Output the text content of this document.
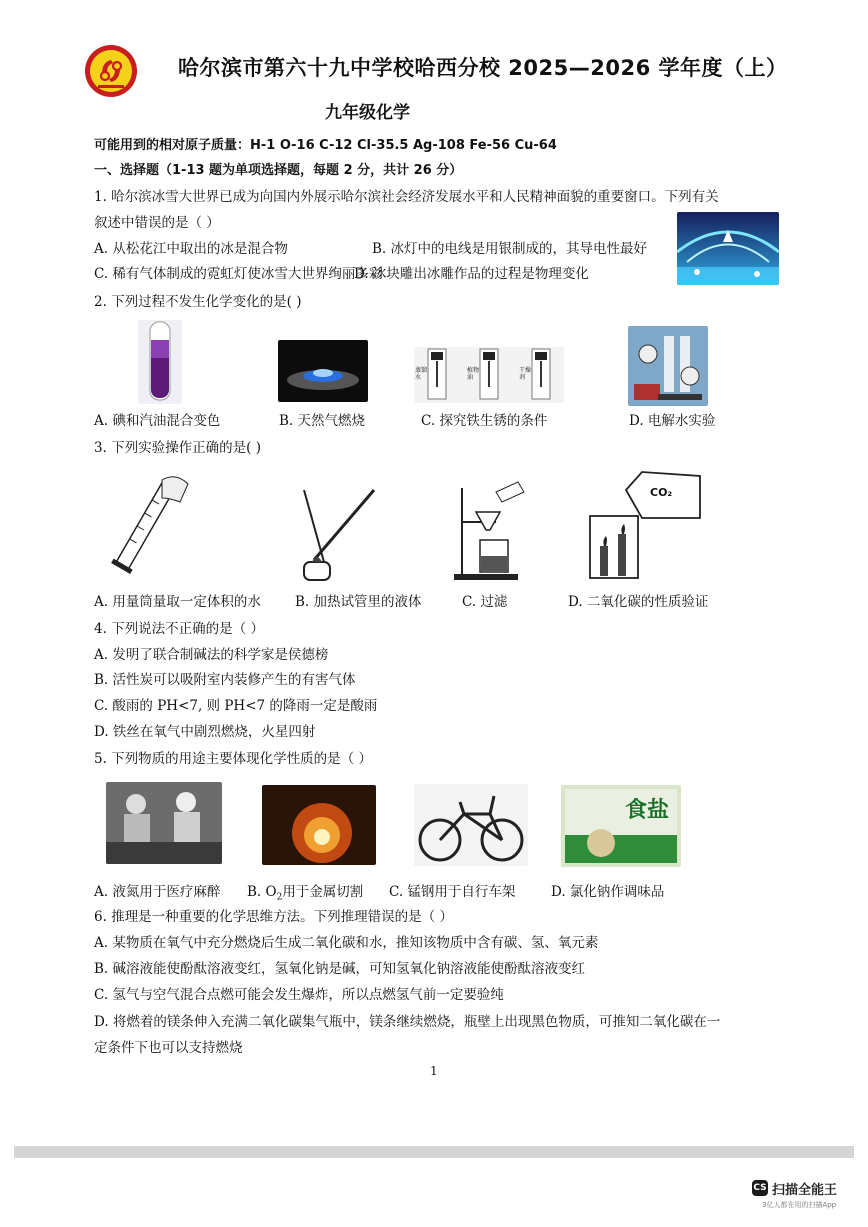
哈尔滨市第六十九中学校哈西分校 2025—2026 学年度（上）
九年级化学
可能用到的相对原子质量：H-1 O-16 C-12 Cl-35.5 Ag-108 Fe-56 Cu-64
一、选择题（1-13 题为单项选择题，每题 2 分，共计 26 分）
1. 哈尔滨冰雪大世界已成为向国内外展示哈尔滨社会经济发展水平和人民精神面貌的重要窗口。下列有关
叙述中错误的是（ ）
A. 从松花江中取出的冰是混合物	B. 冰灯中的电线是用银制成的，其导电性最好
C. 稀有气体制成的霓虹灯使冰雪大世界绚丽多彩
D. 冰块雕出冰雕作品的过程是物理变化
2. 下列过程不发生化学变化的是( )
蒸馏水
植物油
干燥剂
A. 碘和汽油混合变色	B. 天然气燃烧	C. 探究铁生锈的条件	D. 电解水实验
3. 下列实验操作正确的是( )
CO₂
A. 用量筒量取一定体积的水	B. 加热试管里的液体	C. 过滤	D. 二氧化碳的性质验证
4. 下列说法不正确的是（ ）
A. 发明了联合制碱法的科学家是侯德榜
B. 活性炭可以吸附室内装修产生的有害气体
C. 酸雨的 PH<7, 则 PH<7 的降雨一定是酸雨
D. 铁丝在氧气中剧烈燃烧，火星四射
5. 下列物质的用途主要体现化学性质的是（ ）
食盐
A. 液氮用于医疗麻醉 B. $O_2$用于金属切割 C. 锰钢用于自行车架	D. 氯化钠作调味品
6. 推理是一种重要的化学思维方法。下列推理错误的是（ ）
A. 某物质在氧气中充分燃烧后生成二氧化碳和水，推知该物质中含有碳、氢、氧元素
B. 碱溶液能使酚酞溶液变红，氢氧化钠是碱，可知氢氧化钠溶液能使酚酞溶液变红
C. 氢气与空气混合点燃可能会发生爆炸，所以点燃氢气前一定要验纯
D. 将燃着的镁条伸入充满二氧化碳集气瓶中，镁条继续燃烧，瓶壁上出现黑色物质，可推知二氧化碳在一
定条件下也可以支持燃烧
1
CS 扫描全能王
3亿人都在用的扫描App
